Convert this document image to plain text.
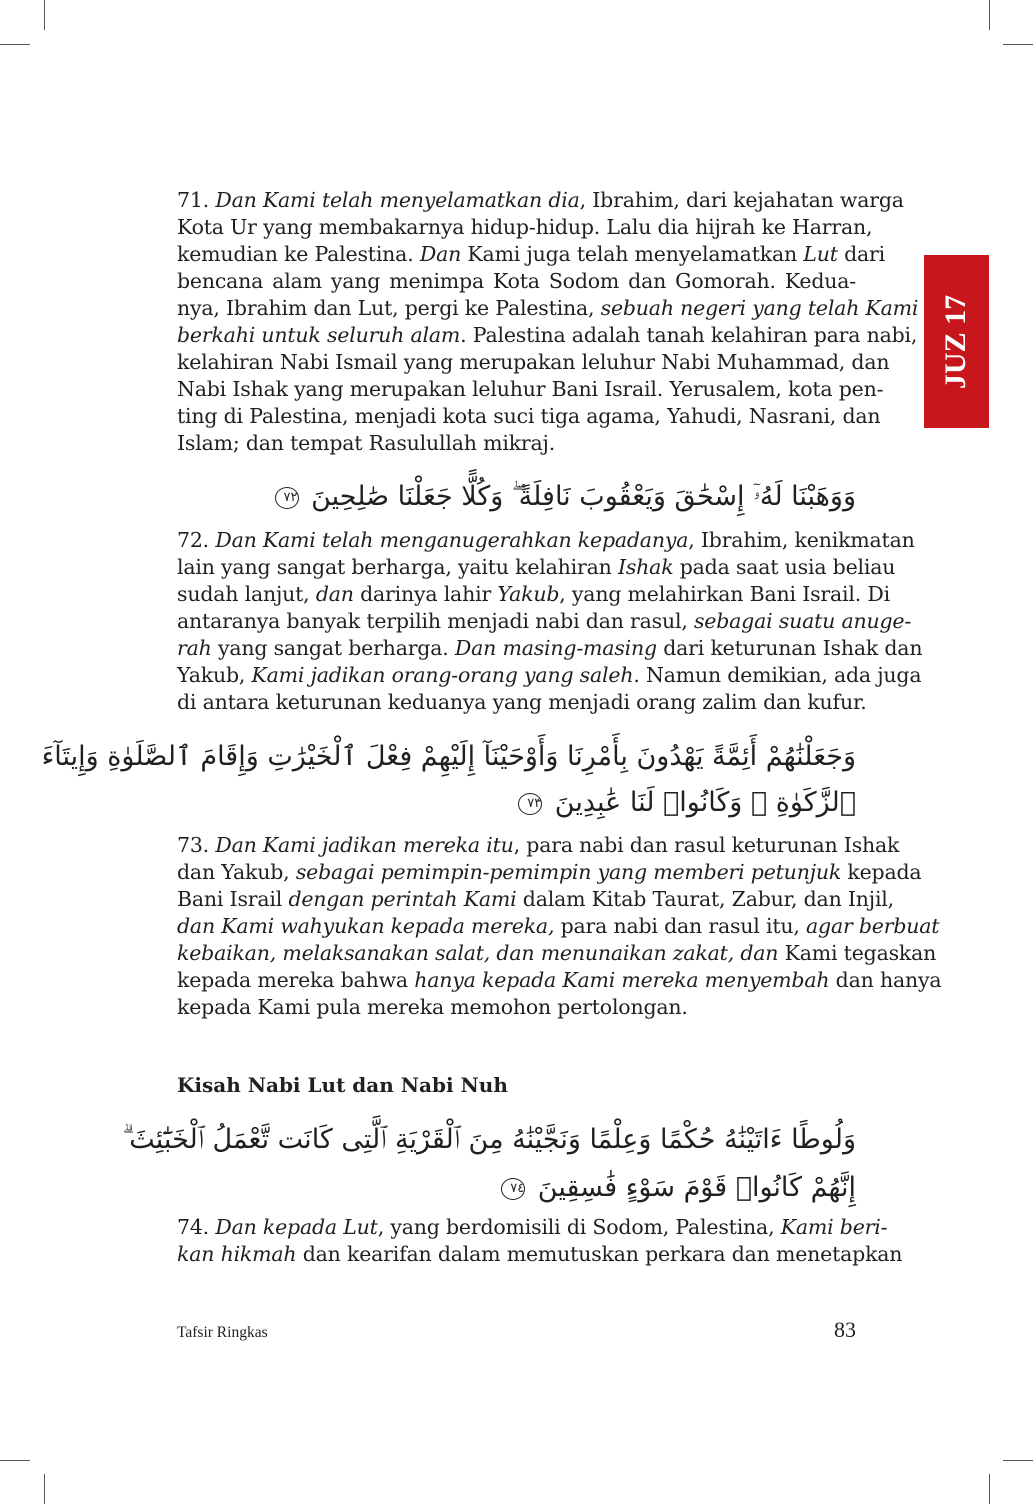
JUZ 17
71. Dan Kami telah menyelamatkan dia, Ibrahim, dari kejahatan warga
Kota Ur yang membakarnya hidup-hidup. Lalu dia hijrah ke Harran,
kemudian ke Palestina. Dan Kami juga telah menyelamatkan Lut dari
bencana alam yang menimpa Kota Sodom dan Gomorah. Kedua-
nya, Ibrahim dan Lut, pergi ke Palestina, sebuah negeri yang telah Kami
berkahi untuk seluruh alam. Palestina adalah tanah kelahiran para nabi,
kelahiran Nabi Ismail yang merupakan leluhur Nabi Muhammad, dan
Nabi Ishak yang merupakan leluhur Bani Israil. Yerusalem, kota pen-
ting di Palestina, menjadi kota suci tiga agama, Yahudi, Nasrani, dan
Islam; dan tempat Rasulullah mikraj.
وَوَهَبْنَا لَهُۥٓ إِسْحَٰقَ وَيَعْقُوبَ نَافِلَةً ۖ وَكُلًّا جَعَلْنَا صَٰلِحِينَ ٧٢
72. Dan Kami telah menganugerahkan kepadanya, Ibrahim, kenikmatan
lain yang sangat berharga, yaitu kelahiran Ishak pada saat usia beliau
sudah lanjut, dan darinya lahir Yakub, yang melahirkan Bani Israil. Di
antaranya banyak terpilih menjadi nabi dan rasul, sebagai suatu anuge-
rah yang sangat berharga. Dan masing-masing dari keturunan Ishak dan
Yakub, Kami jadikan orang-orang yang saleh. Namun demikian, ada juga
di antara keturunan keduanya yang menjadi orang zalim dan kufur.
وَجَعَلْنَٰهُمْ أَئِمَّةً يَهْدُونَ بِأَمْرِنَا وَأَوْحَيْنَآ إِلَيْهِمْ فِعْلَ ٱلْخَيْرَٰتِ وَإِقَامَ ٱلصَّلَوٰةِ وَإِيتَآءَ
ٱلزَّكَوٰةِ ۖ وَكَانُوا۟ لَنَا عَٰبِدِينَ ٧٣
73. Dan Kami jadikan mereka itu, para nabi dan rasul keturunan Ishak
dan Yakub, sebagai pemimpin-pemimpin yang memberi petunjuk kepada
Bani Israil dengan perintah Kami dalam Kitab Taurat, Zabur, dan Injil,
dan Kami wahyukan kepada mereka, para nabi dan rasul itu, agar berbuat
kebaikan, melaksanakan salat, dan menunaikan zakat, dan Kami tegaskan
kepada mereka bahwa hanya kepada Kami mereka menyembah dan hanya
kepada Kami pula mereka memohon pertolongan.
Kisah Nabi Lut dan Nabi Nuh
وَلُوطًا ءَاتَيْنَٰهُ حُكْمًا وَعِلْمًا وَنَجَّيْنَٰهُ مِنَ ٱلْقَرْيَةِ ٱلَّتِى كَانَت تَّعْمَلُ ٱلْخَبَٰٓئِثَ ۗ
إِنَّهُمْ كَانُوا۟ قَوْمَ سَوْءٍ فَٰسِقِينَ ٧٤
74. Dan kepada Lut, yang berdomisili di Sodom, Palestina, Kami beri-
kan hikmah dan kearifan dalam memutuskan perkara dan menetapkan
Tafsir Ringkas	83
